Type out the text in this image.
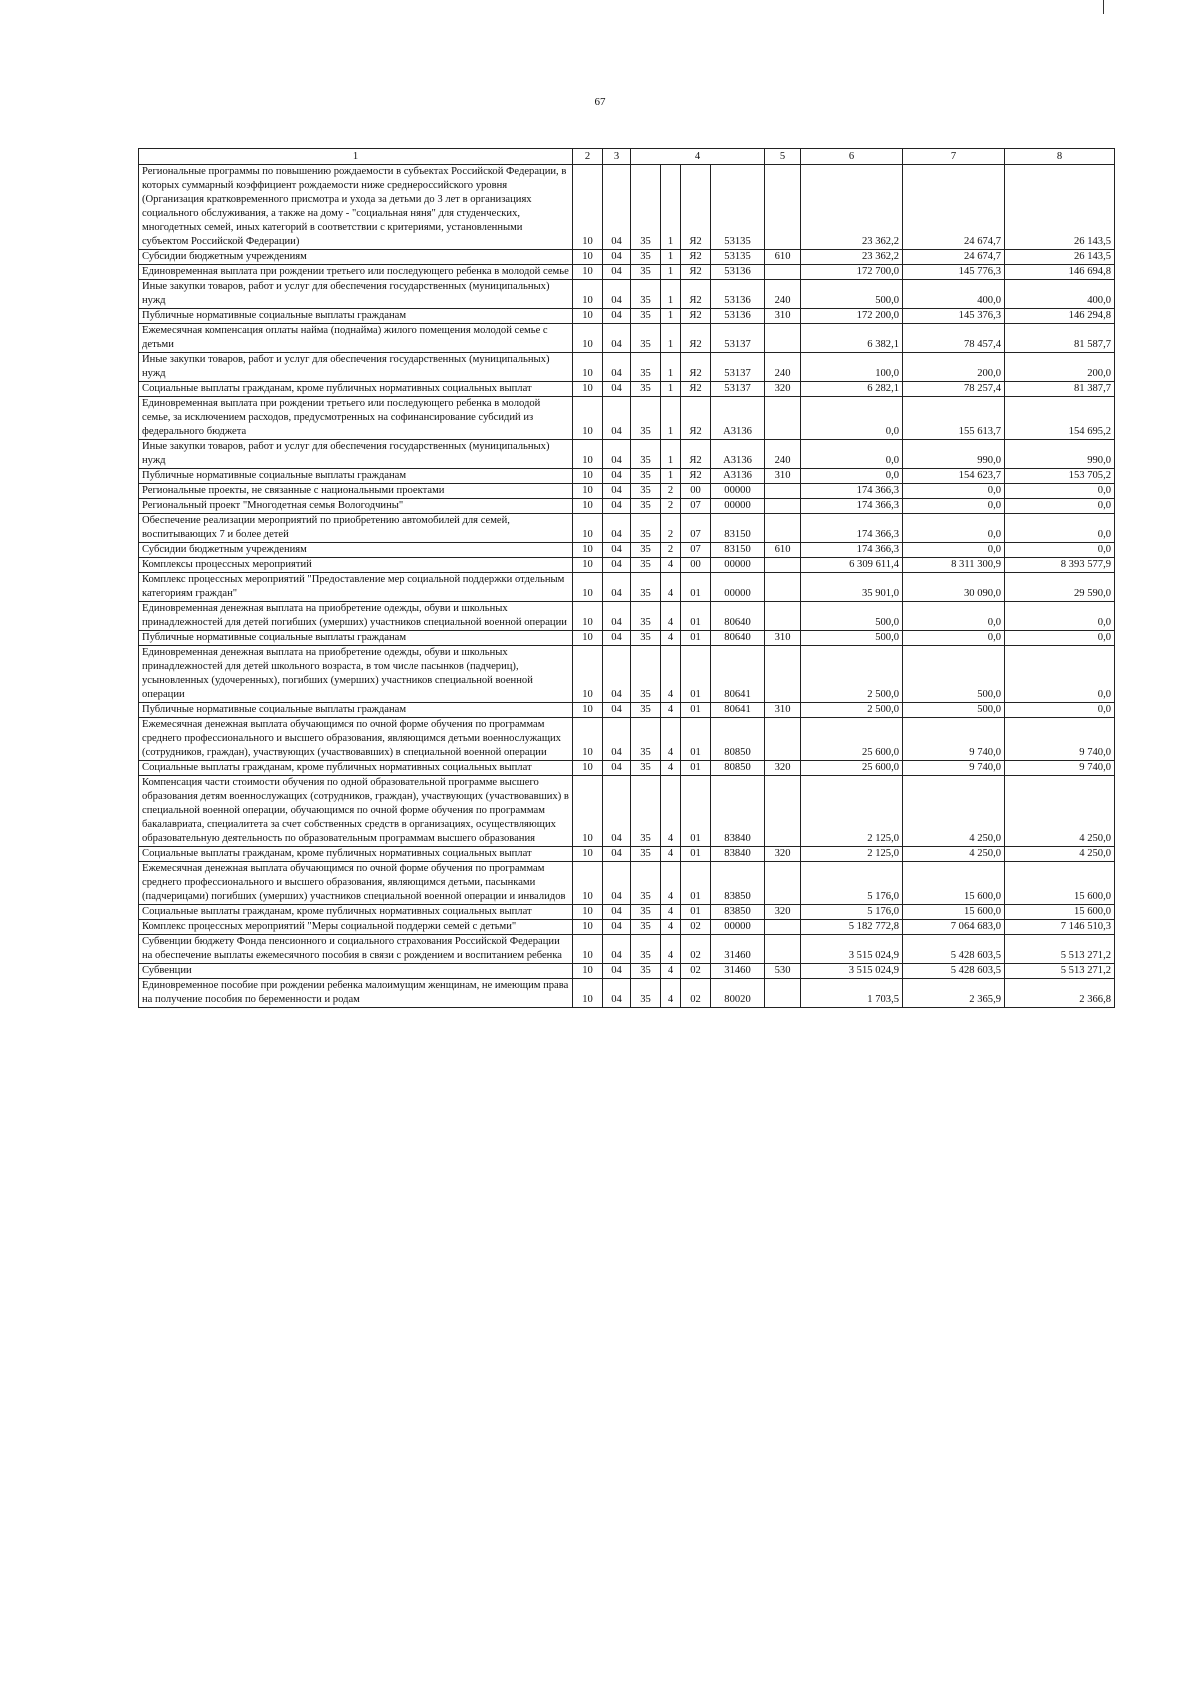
67
1	2	3	4				5	6	7	8
Региональные программы по повышению рождаемости в субъектах Российской Федерации, в которых суммарный коэффициент рождаемости ниже среднероссийского уровня (Организация кратковременного присмотра и ухода за детьми до 3 лет в организациях социального обслуживания, а также на дому - "социальная няня" для студенческих, многодетных семей, иных категорий в соответствии с критериями, установленными субъектом Российской Федерации)	10	04	35	1	Я2	53135		23 362,2	24 674,7	26 143,5
Субсидии бюджетным учреждениям	10	04	35	1	Я2	53135	610	23 362,2	24 674,7	26 143,5
Единовременная выплата при рождении третьего или последующего ребенка в молодой семье	10	04	35	1	Я2	53136		172 700,0	145 776,3	146 694,8
Иные закупки товаров, работ и услуг для обеспечения государственных (муниципальных) нужд	10	04	35	1	Я2	53136	240	500,0	400,0	400,0
Публичные нормативные социальные выплаты гражданам	10	04	35	1	Я2	53136	310	172 200,0	145 376,3	146 294,8
Ежемесячная компенсация оплаты найма (поднайма) жилого помещения молодой семье с детьми	10	04	35	1	Я2	53137		6 382,1	78 457,4	81 587,7
Иные закупки товаров, работ и услуг для обеспечения государственных (муниципальных) нужд	10	04	35	1	Я2	53137	240	100,0	200,0	200,0
Социальные выплаты гражданам, кроме публичных нормативных социальных выплат	10	04	35	1	Я2	53137	320	6 282,1	78 257,4	81 387,7
Единовременная выплата при рождении третьего или последующего ребенка в молодой семье, за исключением расходов, предусмотренных на софинансирование субсидий из федерального бюджета	10	04	35	1	Я2	А3136		0,0	155 613,7	154 695,2
Иные закупки товаров, работ и услуг для обеспечения государственных (муниципальных) нужд	10	04	35	1	Я2	А3136	240	0,0	990,0	990,0
Публичные нормативные социальные выплаты гражданам	10	04	35	1	Я2	А3136	310	0,0	154 623,7	153 705,2
Региональные проекты, не связанные с национальными проектами	10	04	35	2	00	00000		174 366,3	0,0	0,0
Региональный проект "Многодетная семья Вологодчины"	10	04	35	2	07	00000		174 366,3	0,0	0,0
Обеспечение реализации мероприятий по приобретению автомобилей для семей, воспитывающих 7 и более детей	10	04	35	2	07	83150		174 366,3	0,0	0,0
Субсидии бюджетным учреждениям	10	04	35	2	07	83150	610	174 366,3	0,0	0,0
Комплексы процессных мероприятий	10	04	35	4	00	00000		6 309 611,4	8 311 300,9	8 393 577,9
Комплекс процессных мероприятий "Предоставление мер социальной поддержки отдельным категориям граждан"	10	04	35	4	01	00000		35 901,0	30 090,0	29 590,0
Единовременная денежная выплата на приобретение одежды, обуви и школьных принадлежностей для детей погибших (умерших) участников специальной военной операции	10	04	35	4	01	80640		500,0	0,0	0,0
Публичные нормативные социальные выплаты гражданам	10	04	35	4	01	80640	310	500,0	0,0	0,0
Единовременная денежная выплата на приобретение одежды, обуви и школьных принадлежностей для детей школьного возраста, в том числе пасынков (падчериц), усыновленных (удочеренных), погибших (умерших) участников специальной военной операции	10	04	35	4	01	80641		2 500,0	500,0	0,0
Публичные нормативные социальные выплаты гражданам	10	04	35	4	01	80641	310	2 500,0	500,0	0,0
Ежемесячная денежная выплата обучающимся по очной форме обучения по программам среднего профессионального и высшего образования, являющимся детьми военнослужащих (сотрудников, граждан), участвующих (участвовавших) в специальной военной операции	10	04	35	4	01	80850		25 600,0	9 740,0	9 740,0
Социальные выплаты гражданам, кроме публичных нормативных социальных выплат	10	04	35	4	01	80850	320	25 600,0	9 740,0	9 740,0
Компенсация части стоимости обучения по одной образовательной программе высшего образования детям военнослужащих (сотрудников, граждан), участвующих (участвовавших) в специальной военной операции, обучающимся по очной форме обучения по программам бакалавриата, специалитета за счет собственных средств в организациях, осуществляющих образовательную деятельность по образовательным программам высшего образования	10	04	35	4	01	83840		2 125,0	4 250,0	4 250,0
Социальные выплаты гражданам, кроме публичных нормативных социальных выплат	10	04	35	4	01	83840	320	2 125,0	4 250,0	4 250,0
Ежемесячная денежная выплата обучающимся по очной форме обучения по программам среднего профессионального и высшего образования, являющимся детьми, пасынками (падчерицами) погибших (умерших) участников специальной военной операции и инвалидов	10	04	35	4	01	83850		5 176,0	15 600,0	15 600,0
Социальные выплаты гражданам, кроме публичных нормативных социальных выплат	10	04	35	4	01	83850	320	5 176,0	15 600,0	15 600,0
Комплекс процессных мероприятий "Меры социальной поддержи семей с детьми"	10	04	35	4	02	00000		5 182 772,8	7 064 683,0	7 146 510,3
Субвенции бюджету Фонда пенсионного и социального страхования Российской Федерации на обеспечение выплаты ежемесячного пособия в связи с рождением и воспитанием ребенка	10	04	35	4	02	31460		3 515 024,9	5 428 603,5	5 513 271,2
Субвенции	10	04	35	4	02	31460	530	3 515 024,9	5 428 603,5	5 513 271,2
Единовременное пособие при рождении ребенка малоимущим женщинам, не имеющим права на получение пособия по беременности и родам	10	04	35	4	02	80020		1 703,5	2 365,9	2 366,8
